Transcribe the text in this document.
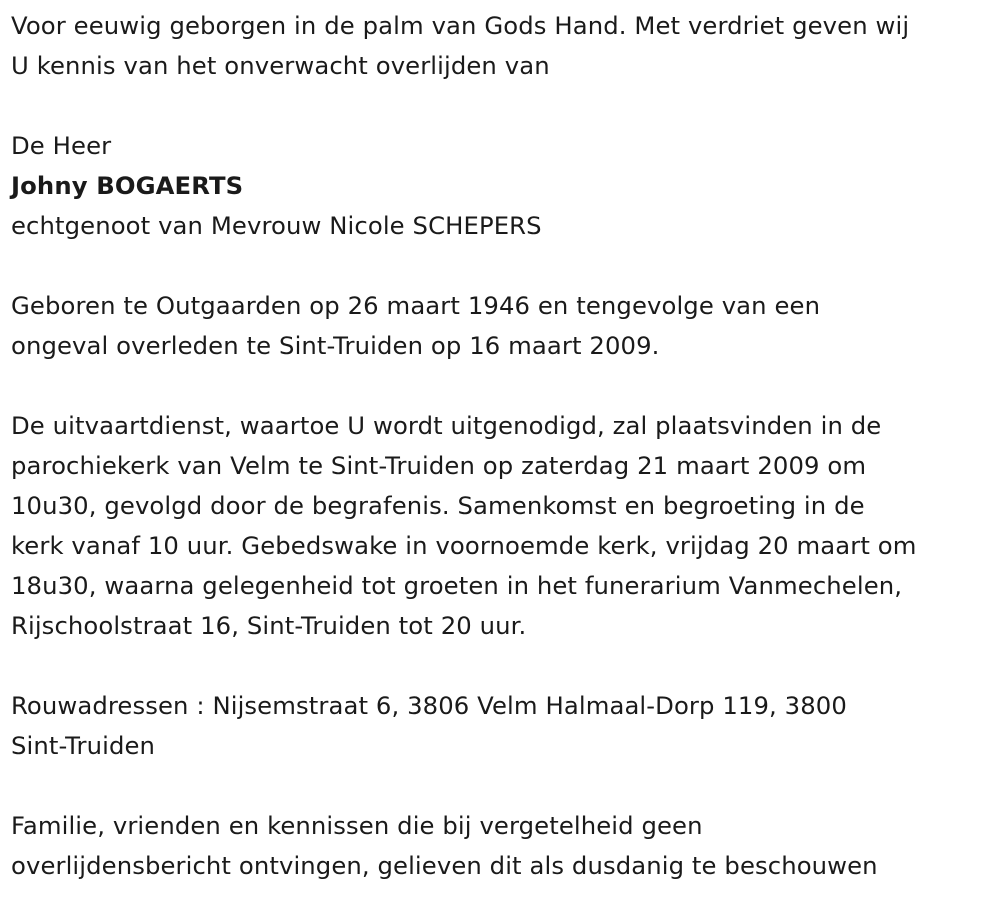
Voor eeuwig geborgen in de palm van Gods Hand. Met verdriet geven wij

U kennis van het onverwacht overlijden van

De Heer

Johny BOGAERTS

echtgenoot van Mevrouw Nicole SCHEPERS

Geboren te Outgaarden op 26 maart 1946 en tengevolge van een

ongeval overleden te Sint-Truiden op 16 maart 2009.

De uitvaartdienst, waartoe U wordt uitgenodigd, zal plaatsvinden in de

parochiekerk van Velm te Sint-Truiden op zaterdag 21 maart 2009 om

10u30, gevolgd door de begrafenis. Samenkomst en begroeting in de

kerk vanaf 10 uur. Gebedswake in voornoemde kerk, vrijdag 20 maart om

18u30, waarna gelegenheid tot groeten in het funerarium Vanmechelen,

Rijschoolstraat 16, Sint-Truiden tot 20 uur.

Rouwadressen : Nijsemstraat 6, 3806 Velm Halmaal-Dorp 119, 3800

Sint-Truiden

Familie, vrienden en kennissen die bij vergetelheid geen

overlijdensbericht ontvingen, gelieven dit als dusdanig te beschouwen
